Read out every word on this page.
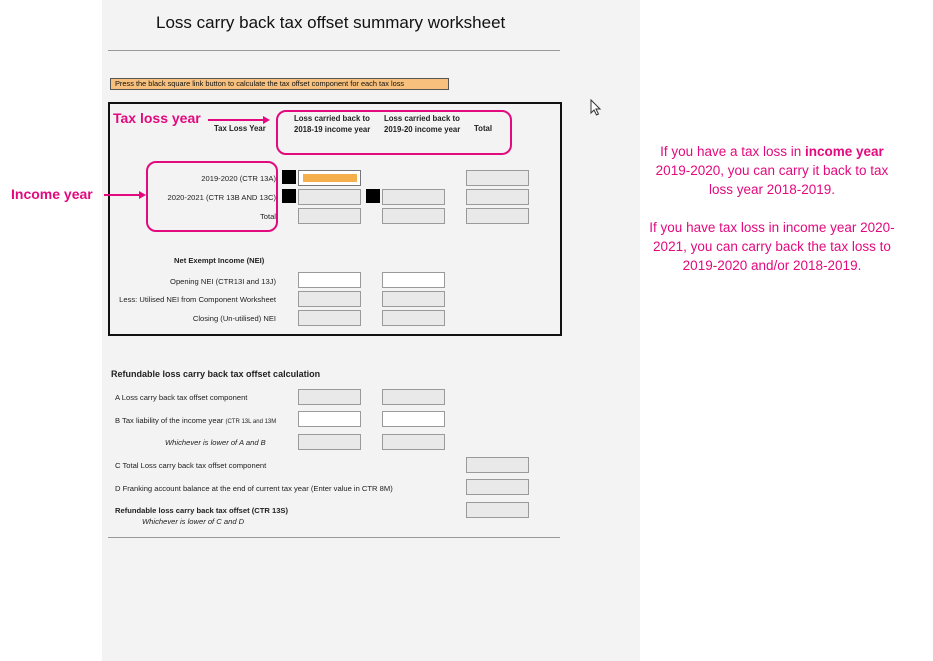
Loss carry back tax offset summary worksheet
Press the black square link button to calculate the tax offset component for each tax loss
Tax Loss Year
Loss carried back to 2018-19 income year
Loss carried back to 2019-20 income year Total
2019-2020 (CTR 13A)
2020-2021 (CTR 13B AND 13C)
Total
Net Exempt Income (NEI)
Opening NEI (CTR13I and 13J)
Less: Utilised NEI from Component Worksheet
Closing (Un-utilised) NEI
Refundable loss carry back tax offset calculation
A Loss carry back tax offset component
B Tax liability of the income year (CTR 13L and 13M
Whichever is lower of A and B
C Total Loss carry back tax offset component
D Franking account balance at the end of current tax year (Enter value in CTR 8M)
Refundable loss carry back tax offset (CTR 13S)
Whichever is lower of C and D
Tax loss year
Income year

If you have a tax loss in income year 2019-2020, you can carry it back to tax loss year 2018-2019.

If you have tax loss in income year 2020-2021, you can carry back the tax loss to 2019-2020 and/or 2018-2019.
